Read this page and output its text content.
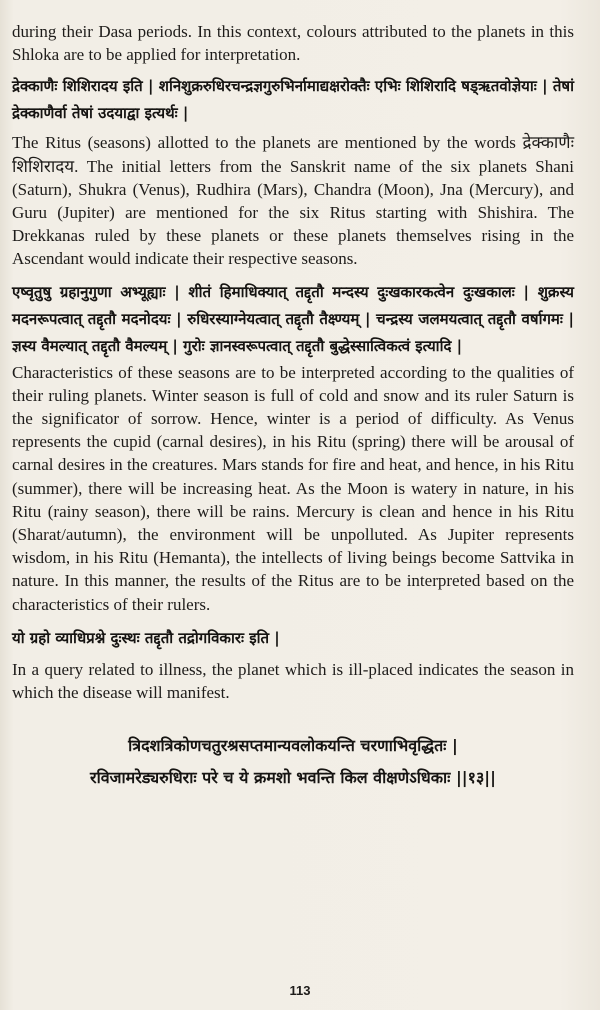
during their Dasa periods. In this context, colours attributed to the planets in this Shloka are to be applied for interpretation.

द्रेक्काणैः शिशिरादय इति | शनिशुक्ररुधिरचन्द्रज्ञगुरुभिर्नामाद्यक्षरोक्तैः एभिः शिशिरादि षड्ऋतवोज्ञेयाः | तेषां द्रेक्काणैर्वा तेषां उदयाद्वा इत्यर्थः |

The Ritus (seasons) allotted to the planets are mentioned by the words द्रेक्काणैः शिशिरादय. The initial letters from the Sanskrit name of the six planets Shani (Saturn), Shukra (Venus), Rudhira (Mars), Chandra (Moon), Jna (Mercury), and Guru (Jupiter) are mentioned for the six Ritus starting with Shishira. The Drekkanas ruled by these planets or these planets themselves rising in the Ascendant would indicate their respective seasons.

एष्वृतुषु ग्रहानुगुणा अभ्यूह्याः | शीतं हिमाधिक्यात् तद्दृतौ मन्दस्य दुःखकारकत्वेन दुःखकालः | शुक्रस्य मदनरूपत्वात् तद्दृतौ मदनोदयः | रुधिरस्याग्नेयत्वात् तद्दृतौ तैक्ष्ण्यम् | चन्द्रस्य जलमयत्वात् तद्दृतौ वर्षागमः | ज्ञस्य वैमल्यात् तद्दृतौ वैमल्यम् | गुरोः ज्ञानस्वरूपत्वात् तद्दृतौ बुद्धेस्सात्विकत्वं इत्यादि |

Characteristics of these seasons are to be interpreted according to the qualities of their ruling planets. Winter season is full of cold and snow and its ruler Saturn is the significator of sorrow. Hence, winter is a period of difficulty. As Venus represents the cupid (carnal desires), in his Ritu (spring) there will be arousal of carnal desires in the creatures. Mars stands for fire and heat, and hence, in his Ritu (summer), there will be increasing heat. As the Moon is watery in nature, in his Ritu (rainy season), there will be rains. Mercury is clean and hence in his Ritu (Sharat/autumn), the environment will be unpolluted. As Jupiter represents wisdom, in his Ritu (Hemanta), the intellects of living beings become Sattvika in nature. In this manner, the results of the Ritus are to be interpreted based on the characteristics of their rulers.

यो ग्रहो व्याधिप्रश्ने दुःस्थः तद्दृतौ तद्रोगविकारः इति |

In a query related to illness, the planet which is ill-placed indicates the season in which the disease will manifest.

त्रिदशत्रिकोणचतुरश्रसप्तमान्यवलोकयन्ति चरणाभिवृद्धितः |
रविजामरेड्यरुधिराः परे च ये क्रमशो भवन्ति किल वीक्षणेऽधिकाः ||१३||
113
